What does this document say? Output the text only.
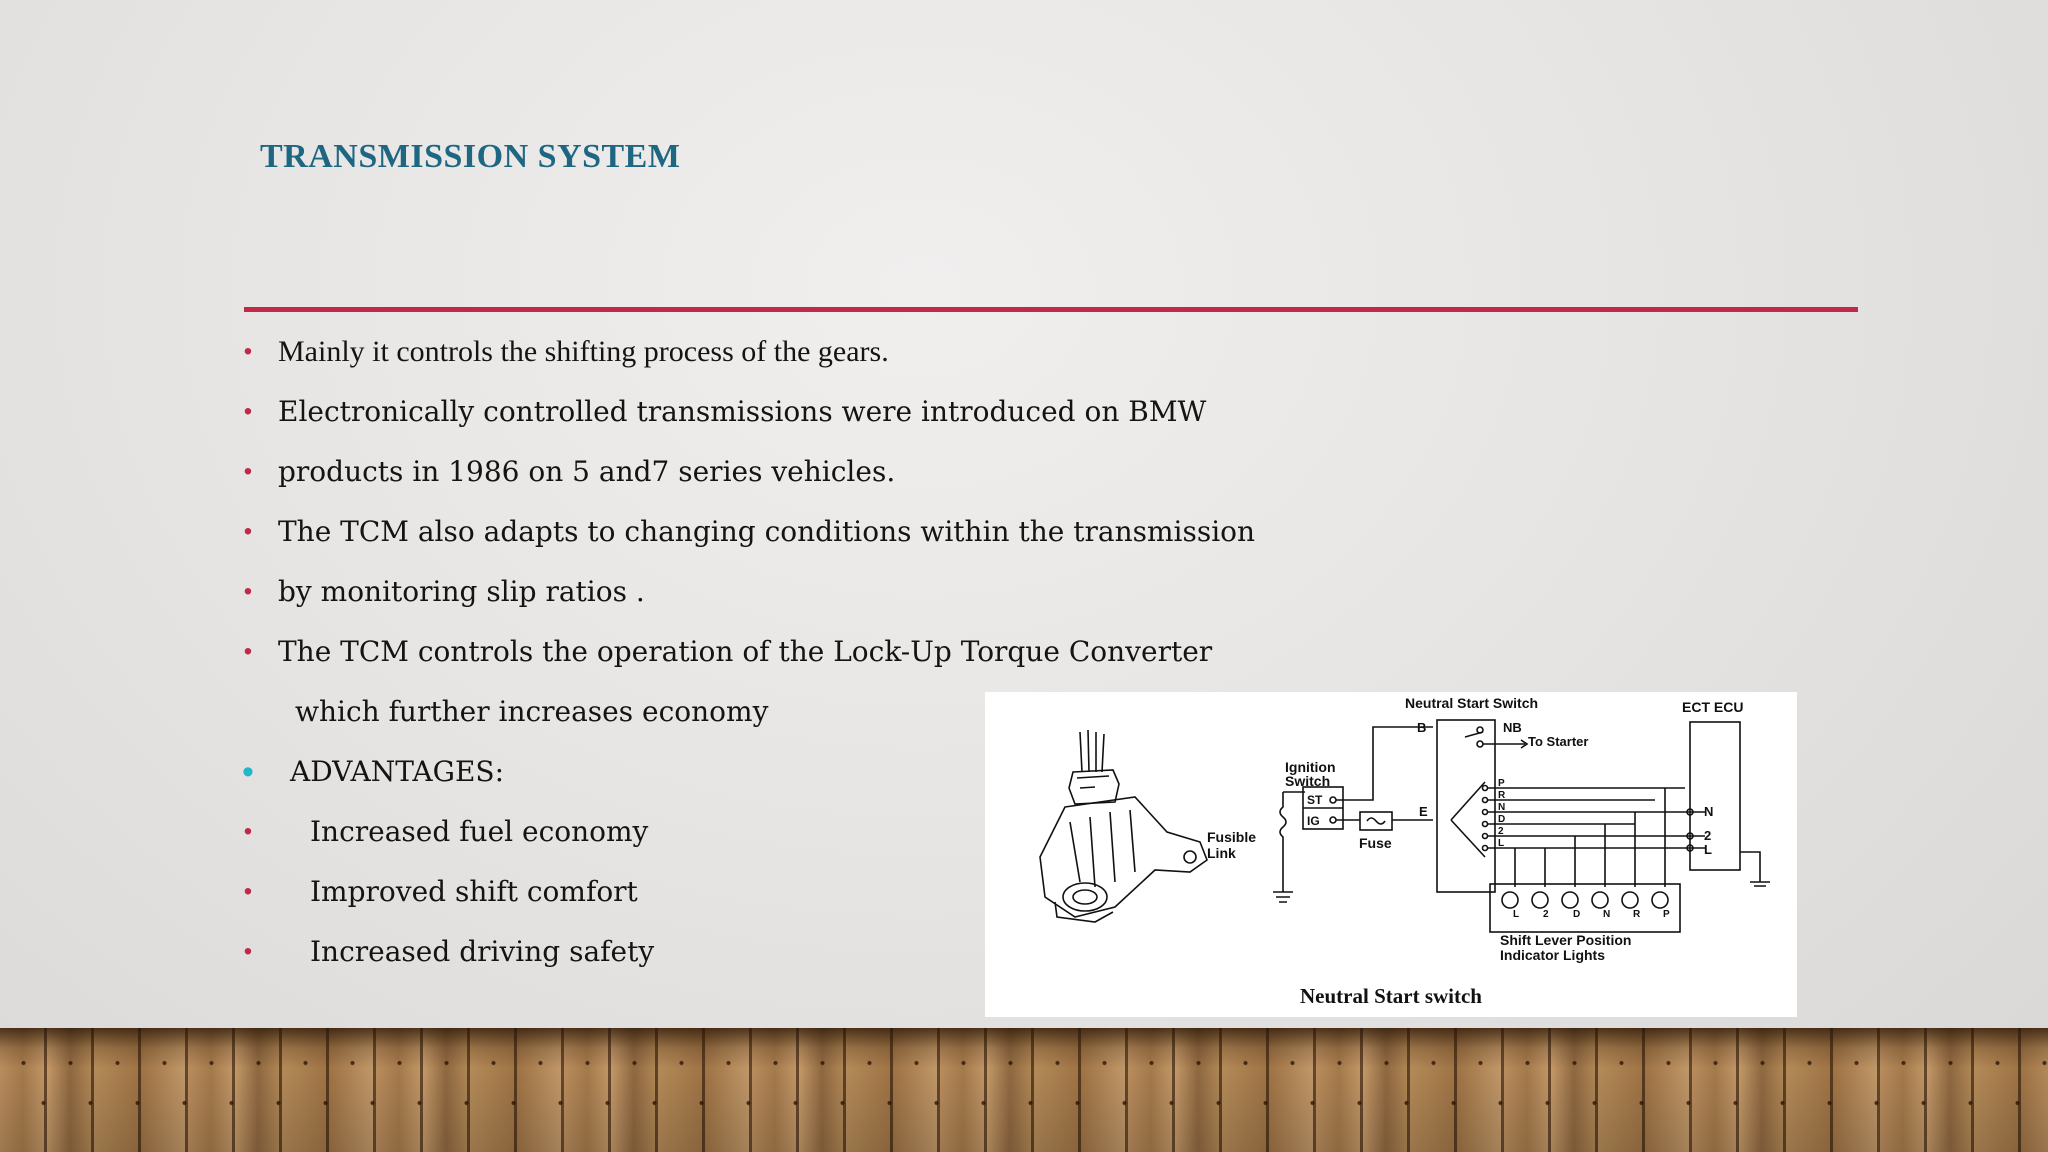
TRANSMISSION SYSTEM
• Mainly it controls the shifting process of the gears.
• Electronically controlled transmissions were introduced on BMW
• products in 1986 on 5 and7 series vehicles.
• The TCM also adapts to changing conditions within the transmission
• by monitoring slip ratios .
• The TCM controls the operation of the Lock-Up Torque Converter
which further increases economy
• ADVANTAGES:
• Increased fuel economy
• Improved shift comfort
• Increased driving safety
Fusible
Link
Ignition
Switch
ST
IG
Fuse
Neutral Start Switch
B	NB
To Starter
E
P
R
N
D
2
L
ECT ECU
N
2
L
L 2 D N R P
Shift Lever Position
Indicator Lights
Neutral Start switch
